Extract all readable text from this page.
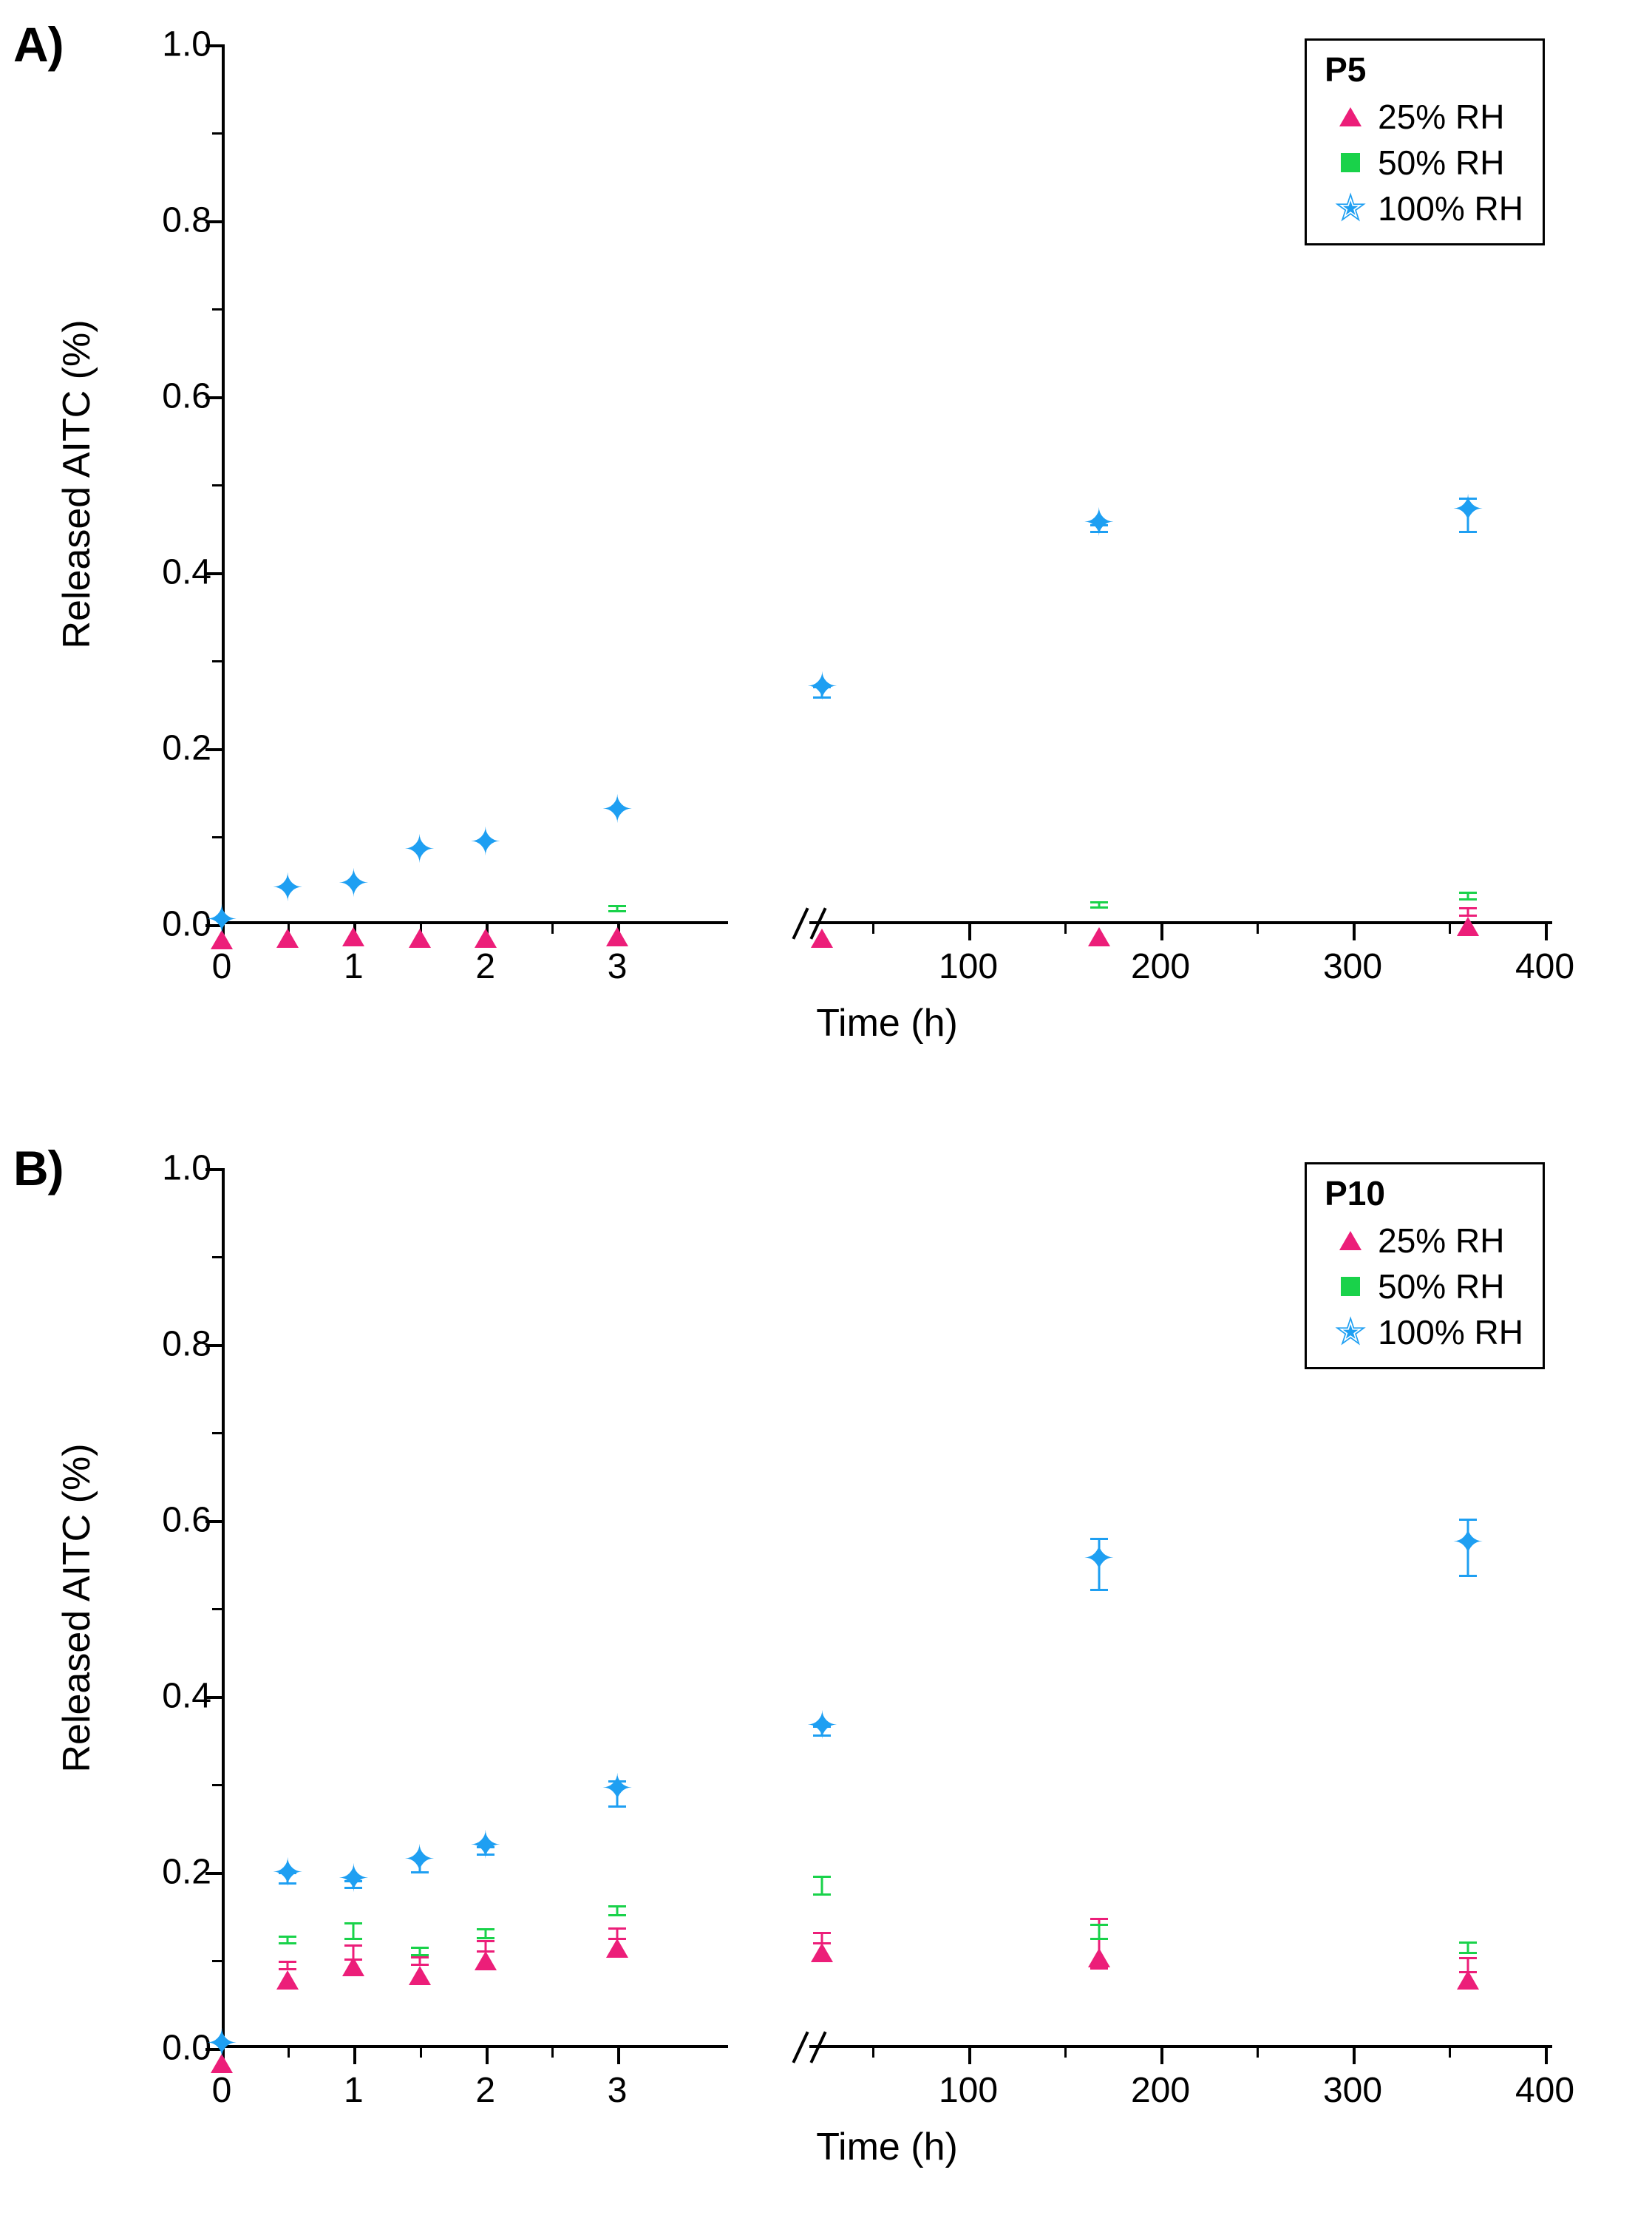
A)
Released AITC (%)
Time (h)
P5
25% RH
50% RH
✭ 100% RH
0.0
0.2
0.4
0.6
0.8
1.0
0	1	2	3	100	200	300	400
✦
✦ ✦
✦ ✦
✦
✦
✦	✦
B)
Released AITC (%)
Time (h)
P10
25% RH
50% RH
✭ 100% RH
0.0
0.2
0.4
0.6
0.8
1.0
0	1	2	3	100	200	300	400
✦
✦ ✦ ✦ ✦
✦
✦
✦	✦
